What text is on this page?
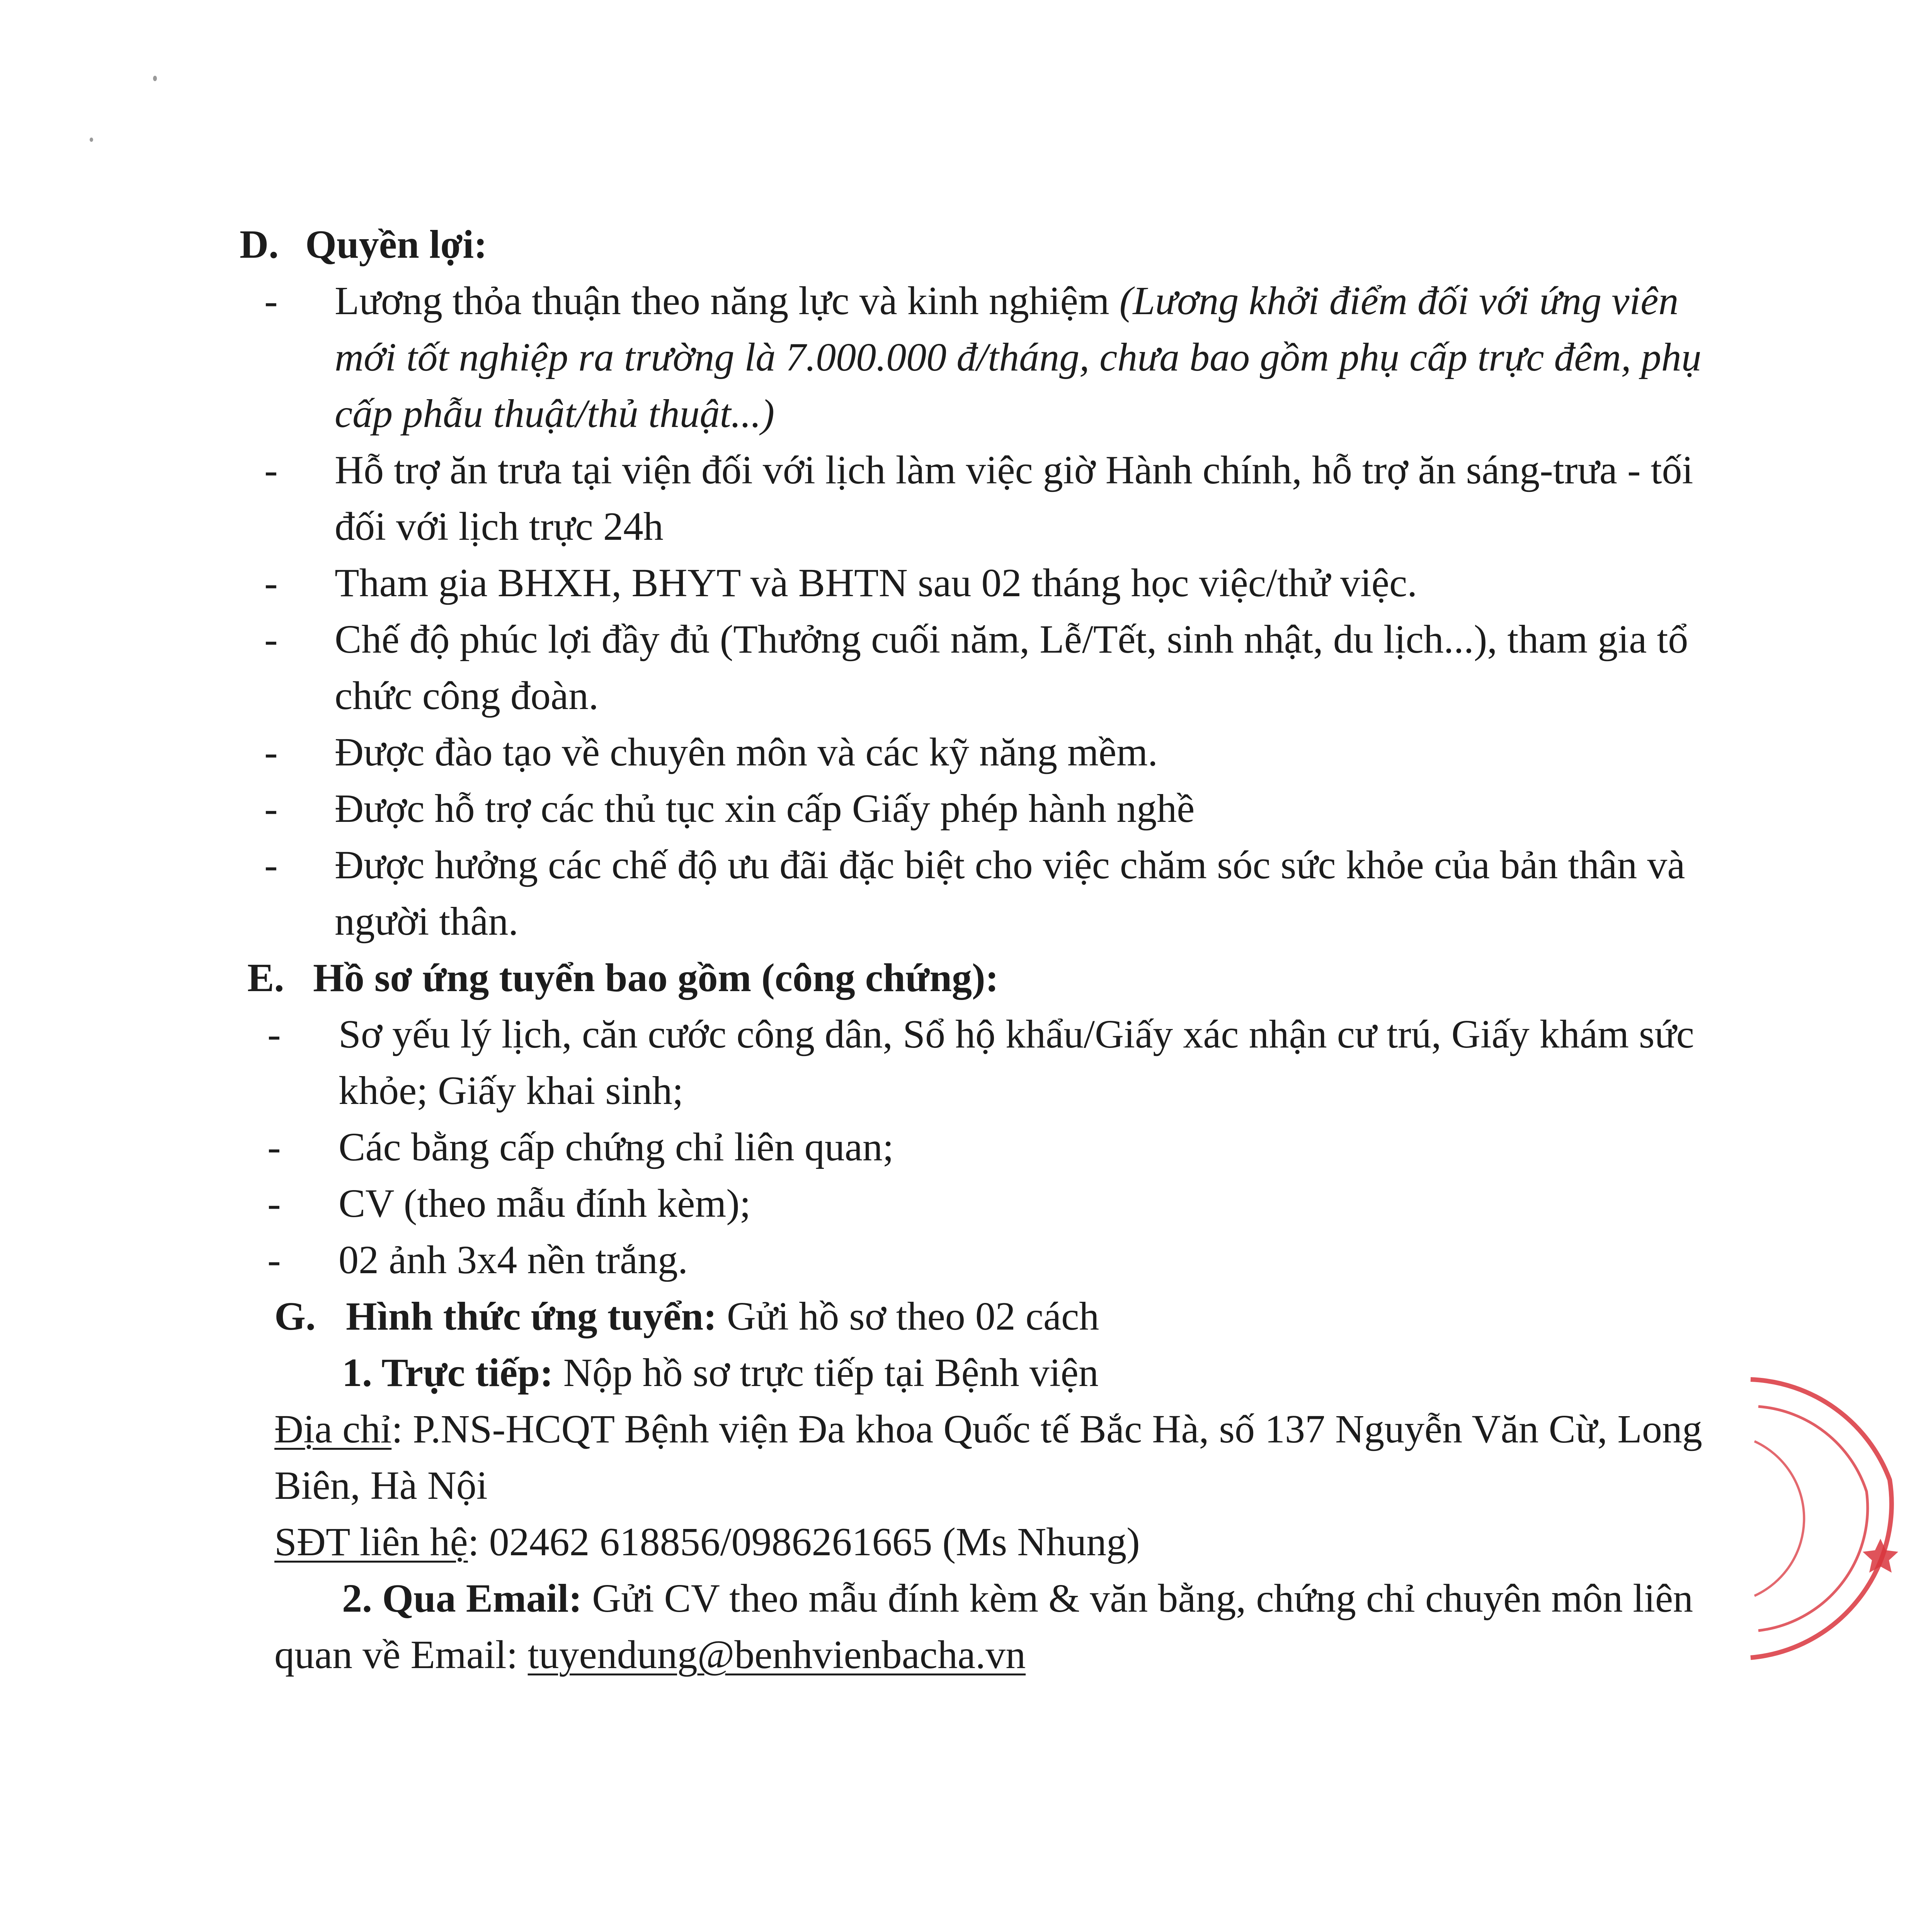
D. Quyền lợi:
- Lương thỏa thuận theo năng lực và kinh nghiệm (Lương khởi điểm đối với ứng viên mới tốt nghiệp ra trường là 7.000.000 đ/tháng, chưa bao gồm phụ cấp trực đêm, phụ cấp phẫu thuật/thủ thuật...)
- Hỗ trợ ăn trưa tại viện đối với lịch làm việc giờ Hành chính, hỗ trợ ăn sáng-trưa - tối đối với lịch trực 24h
- Tham gia BHXH, BHYT và BHTN sau 02 tháng học việc/thử việc.
- Chế độ phúc lợi đầy đủ (Thưởng cuối năm, Lễ/Tết, sinh nhật, du lịch...), tham gia tổ chức công đoàn.
- Được đào tạo về chuyên môn và các kỹ năng mềm.
- Được hỗ trợ các thủ tục xin cấp Giấy phép hành nghề
- Được hưởng các chế độ ưu đãi đặc biệt cho việc chăm sóc sức khỏe của bản thân và người thân.
E. Hồ sơ ứng tuyển bao gồm (công chứng):
- Sơ yếu lý lịch, căn cước công dân, Sổ hộ khẩu/Giấy xác nhận cư trú, Giấy khám sức khỏe; Giấy khai sinh;
- Các bằng cấp chứng chỉ liên quan;
- CV (theo mẫu đính kèm);
- 02 ảnh 3x4 nền trắng.
G. Hình thức ứng tuyển: Gửi hồ sơ theo 02 cách
1. Trực tiếp: Nộp hồ sơ trực tiếp tại Bệnh viện
Địa chỉ: P.NS-HCQT Bệnh viện Đa khoa Quốc tế Bắc Hà, số 137 Nguyễn Văn Cừ, Long
Biên, Hà Nội
SĐT liên hệ: 02462 618856/0986261665 (Ms Nhung)
2. Qua Email: Gửi CV theo mẫu đính kèm & văn bằng, chứng chỉ chuyên môn liên
quan về Email: tuyendung@benhvienbacha.vn
